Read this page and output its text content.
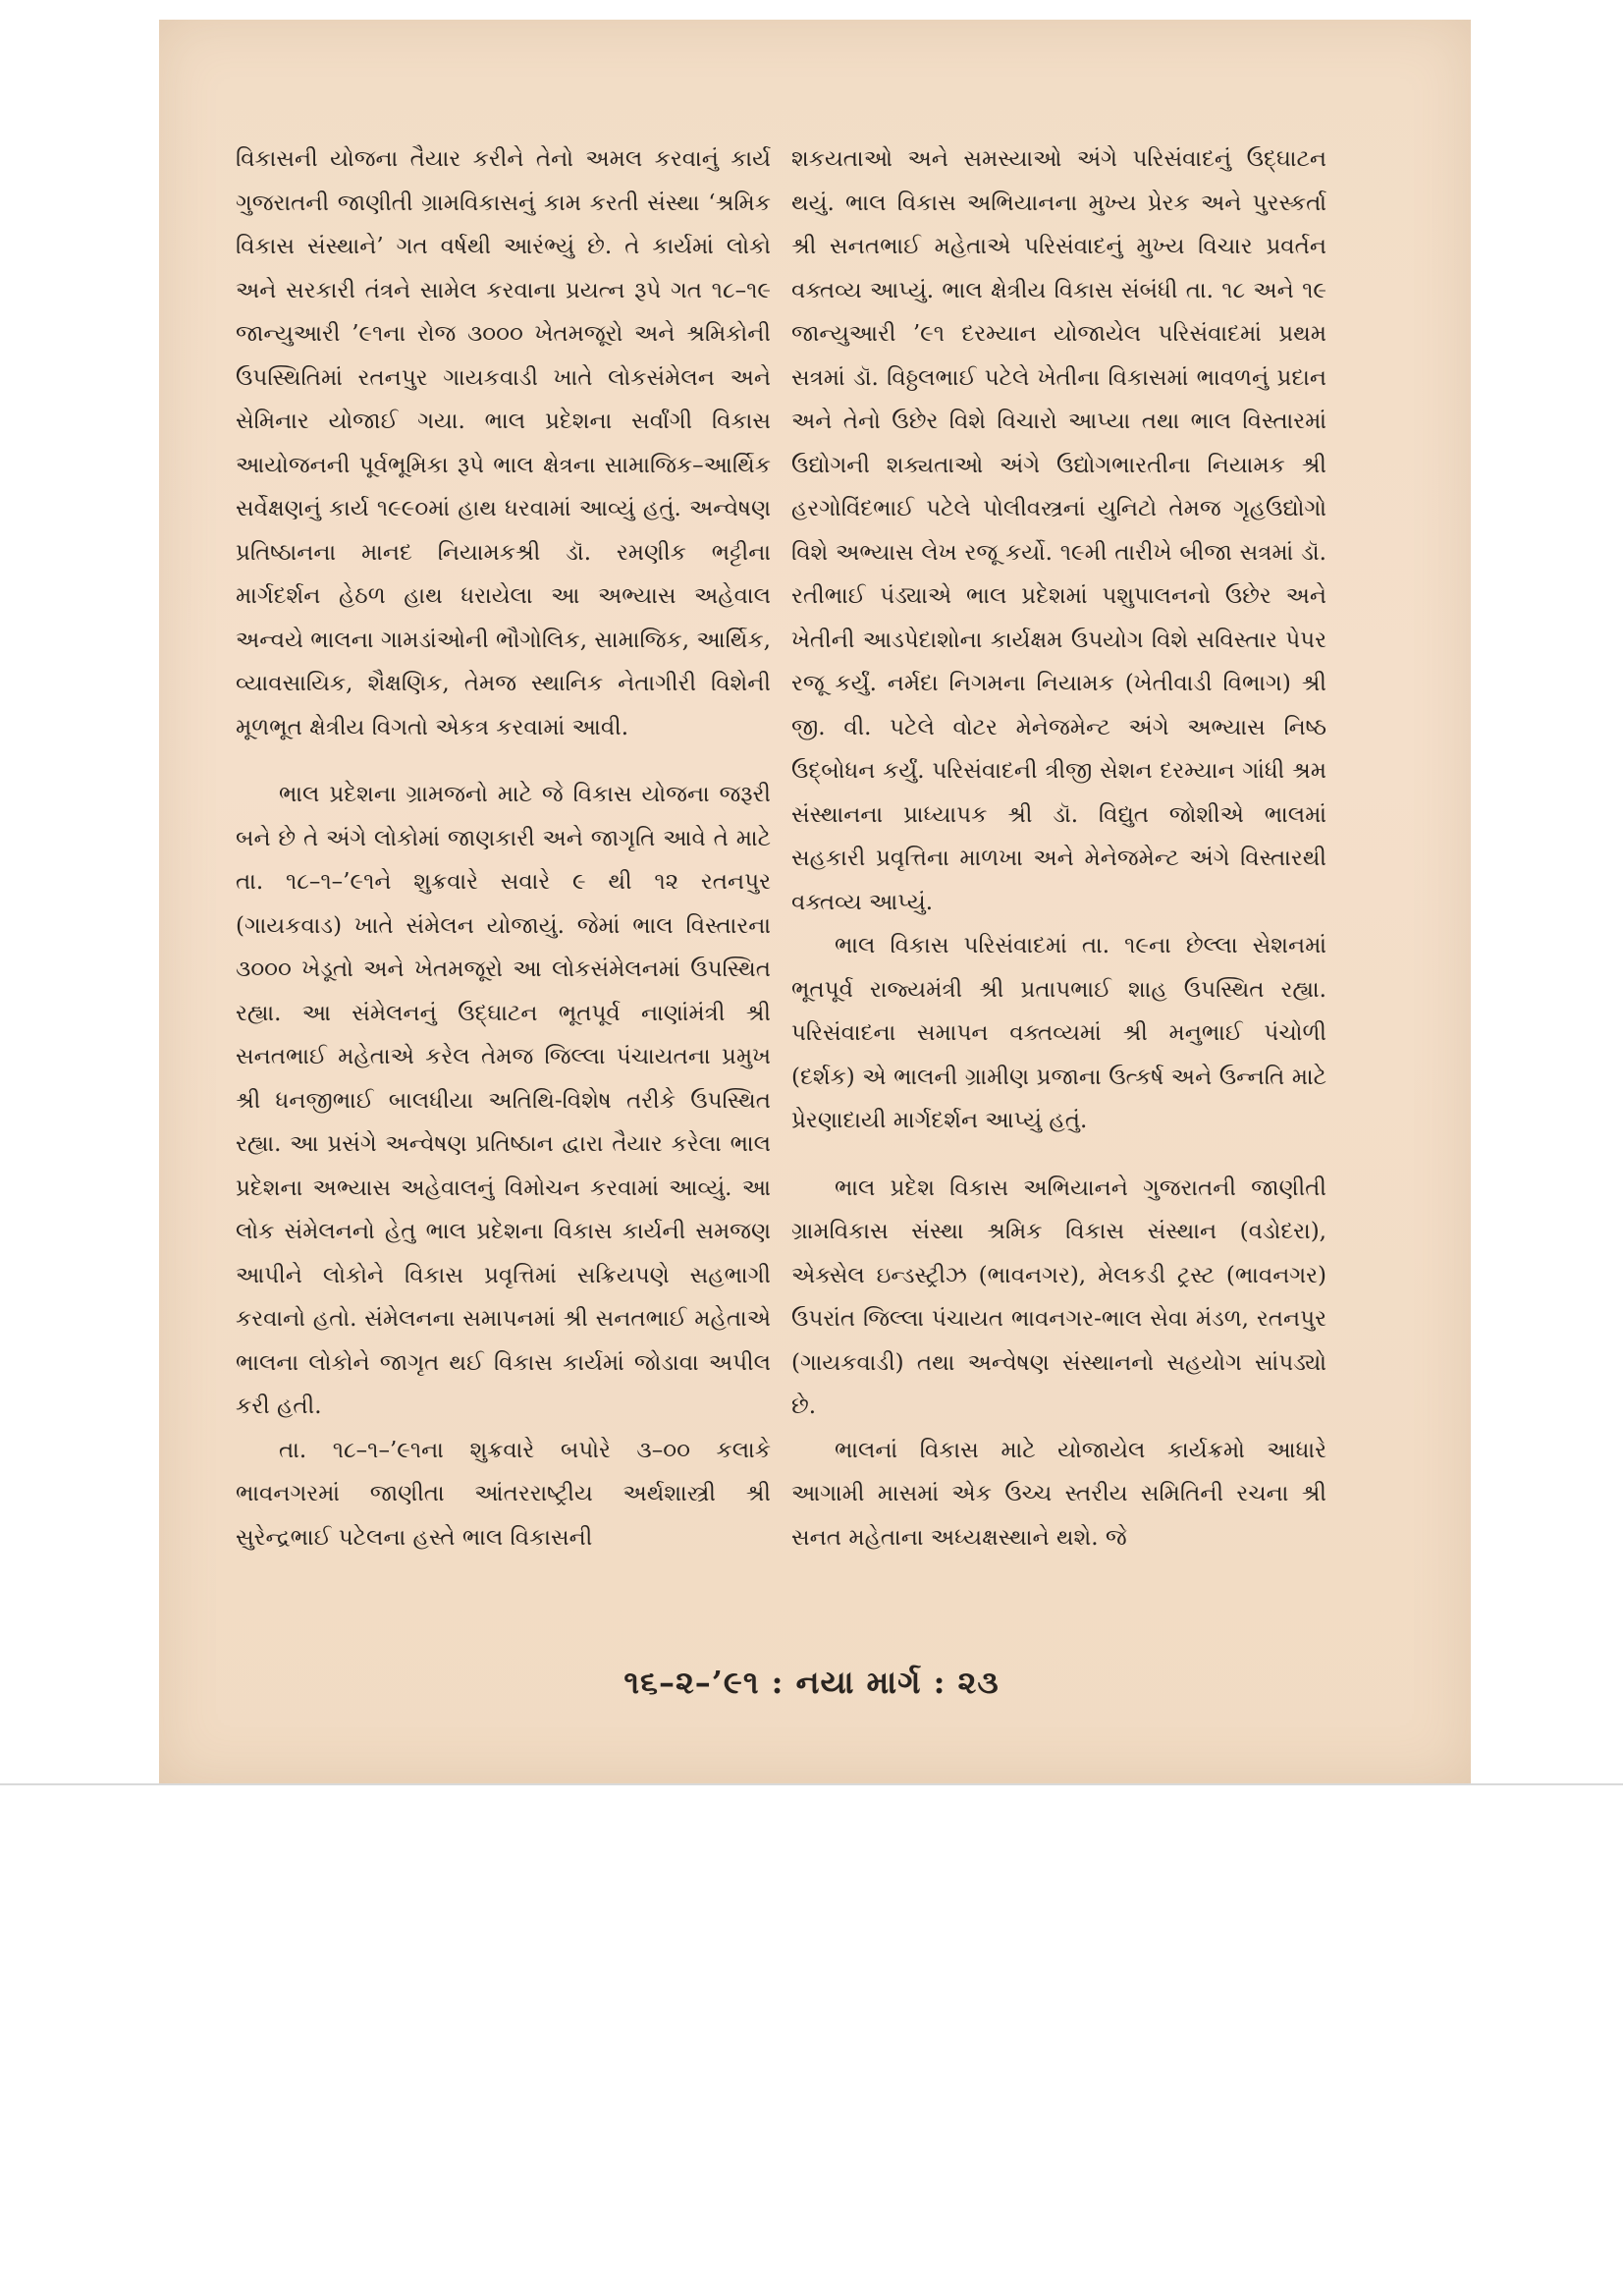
વિકાસની યોજના તૈયાર કરીને તેનો અમલ કરવાનું કાર્ય ગુજરાતની જાણીતી ગ્રામવિકાસનું કામ કરતી સંસ્થા ‘શ્રમિક વિકાસ સંસ્થાને’ ગત વર્ષથી આરંભ્યું છે. તે કાર્યમાં લોકો અને સરકારી તંત્રને સામેલ કરવાના પ્રયત્ન રૂપે ગત ૧૮–૧૯ જાન્યુઆરી ’૯૧ના રોજ ૩૦૦૦ ખેતમજૂરો અને શ્રમિકોની ઉપસ્થિતિમાં રતનપુર ગાયકવાડી ખાતે લોકસંમેલન અને સેમિનાર યોજાઈ ગયા. ભાલ પ્રદેશના સર્વાંગી વિકાસ આયોજનની પૂર્વભૂમિકા રૂપે ભાલ ક્ષેત્રના સામાજિક–આર્થિક સર્વેક્ષણનું કાર્ય ૧૯૯૦માં હાથ ધરવામાં આવ્યું હતું. અન્વેષણ પ્રતિષ્ઠાનના માનદ નિયામકશ્રી ડૉ. રમણીક ભટ્ટીના માર્ગદર્શન હેઠળ હાથ ધરાયેલા આ અભ્યાસ અહેવાલ અન્વયે ભાલના ગામડાંઓની ભૌગોલિક, સામાજિક, આર્થિક, વ્યાવસાયિક, શૈક્ષણિક, તેમજ સ્થાનિક નેતાગીરી વિશેની મૂળભૂત ક્ષેત્રીય વિગતો એકત્ર કરવામાં આવી.

ભાલ પ્રદેશના ગ્રામજનો માટે જે વિકાસ યોજના જરૂરી બને છે તે અંગે લોકોમાં જાણકારી અને જાગૃતિ આવે તે માટે તા. ૧૮–૧–’૯૧ને શુક્રવારે સવારે ૯ થી ૧૨ રતનપુર (ગાયકવાડ) ખાતે સંમેલન યોજાયું. જેમાં ભાલ વિસ્તારના ૩૦૦૦ ખેડૂતો અને ખેતમજૂરો આ લોકસંમેલનમાં ઉપસ્થિત રહ્યા. આ સંમેલનનું ઉદ્‌ઘાટન ભૂતપૂર્વ નાણાંમંત્રી શ્રી સનતભાઈ મહેતાએ કરેલ તેમજ જિલ્લા પંચાયતના પ્રમુખ શ્રી ધનજીભાઈ બાલધીયા અતિથિ-વિશેષ તરીકે ઉપસ્થિત રહ્યા. આ પ્રસંગે અન્વેષણ પ્રતિષ્ઠાન દ્વારા તૈયાર કરેલા ભાલ પ્રદેશના અભ્યાસ અહેવાલનું વિમોચન કરવામાં આવ્યું. આ લોક સંમેલનનો હેતુ ભાલ પ્રદેશના વિકાસ કાર્યની સમજણ આપીને લોકોને વિકાસ પ્રવૃત્તિમાં સક્રિયપણે સહભાગી કરવાનો હતો. સંમેલનના સમાપનમાં શ્રી સનતભાઈ મહેતાએ ભાલના લોકોને જાગૃત થઈ વિકાસ કાર્યમાં જોડાવા અપીલ કરી હતી.

તા. ૧૮–૧–’૯૧ના શુક્રવારે બપોરે ૩–૦૦ કલાકે ભાવનગરમાં જાણીતા આંતરરાષ્ટ્રીય અર્થશાસ્ત્રી શ્રી સુરેન્દ્રભાઈ પટેલના હસ્તે ભાલ વિકાસની

શકયતાઓ અને સમસ્યાઓ અંગે પરિસંવાદનું ઉદ્‌ઘાટન થયું. ભાલ વિકાસ અભિયાનના મુખ્ય પ્રેરક અને પુરસ્કર્તા શ્રી સનતભાઈ મહેતાએ પરિસંવાદનું મુખ્ય વિચાર પ્રવર્તન વક્તવ્ય આપ્યું. ભાલ ક્ષેત્રીય વિકાસ સંબંધી તા. ૧૮ અને ૧૯ જાન્યુઆરી ’૯૧ દરમ્યાન યોજાયેલ પરિસંવાદમાં પ્રથમ સત્રમાં ડૉ. વિઠ્ઠલભાઈ પટેલે ખેતીના વિકાસમાં ભાવળનું પ્રદાન અને તેનો ઉછેર વિશે વિચારો આપ્યા તથા ભાલ વિસ્તારમાં ઉદ્યોગની શક્યતાઓ અંગે ઉદ્યોગભારતીના નિયામક શ્રી હરગોવિંદભાઈ પટેલે પોલીવસ્ત્રનાં યુનિટો તેમજ ગૃહઉદ્યોગો વિશે અભ્યાસ લેખ રજૂ કર્યો. ૧૯મી તારીખે બીજા સત્રમાં ડૉ. રતીભાઈ પંડ્યાએ ભાલ પ્રદેશમાં પશુપાલનનો ઉછેર અને ખેતીની આડપેદાશોના કાર્યક્ષમ ઉપયોગ વિશે સવિસ્તાર પેપર રજૂ કર્યું. નર્મદા નિગમના નિયામક (ખેતીવાડી વિભાગ) શ્રી જી. વી. પટેલે વોટર મેનેજમેન્ટ અંગે અભ્યાસ નિષ્ઠ ઉદ્‌બોધન કર્યું. પરિસંવાદની ત્રીજી સેશન દરમ્યાન ગાંધી શ્રમ સંસ્થાનના પ્રાધ્યાપક શ્રી ડૉ. વિદ્યુત જોશીએ ભાલમાં સહકારી પ્રવૃત્તિના માળખા અને મેનેજમેન્ટ અંગે વિસ્તારથી વક્તવ્ય આપ્યું.

ભાલ વિકાસ પરિસંવાદમાં તા. ૧૯ના છેલ્લા સેશનમાં ભૂતપૂર્વ રાજ્યમંત્રી શ્રી પ્રતાપભાઈ શાહ ઉપસ્થિત રહ્યા. પરિસંવાદના સમાપન વક્તવ્યમાં શ્રી મનુભાઈ પંચોળી (દર્શક) એ ભાલની ગ્રામીણ પ્રજાના ઉત્કર્ષ અને ઉન્નતિ માટે પ્રેરણાદાયી માર્ગદર્શન આપ્યું હતું.

ભાલ પ્રદેશ વિકાસ અભિયાનને ગુજરાતની જાણીતી ગ્રામવિકાસ સંસ્થા શ્રમિક વિકાસ સંસ્થાન (વડોદરા), એક્સેલ ઇન્ડસ્ટ્રીઝ (ભાવનગર), મેલકડી ટ્રસ્ટ (ભાવનગર) ઉપરાંત જિલ્લા પંચાયત ભાવનગર-ભાલ સેવા મંડળ, રતનપુર (ગાયકવાડી) તથા અન્વેષણ સંસ્થાનનો સહયોગ સાંપડ્યો છે.

ભાલનાં વિકાસ માટે યોજાયેલ કાર્યક્રમો આધારે આગામી માસમાં એક ઉચ્ચ સ્તરીય સમિતિની રચના શ્રી સનત મહેતાના અધ્યક્ષસ્થાને થશે. જે

૧૬–૨–’૯૧ : નયા માર્ગ : ૨૩
